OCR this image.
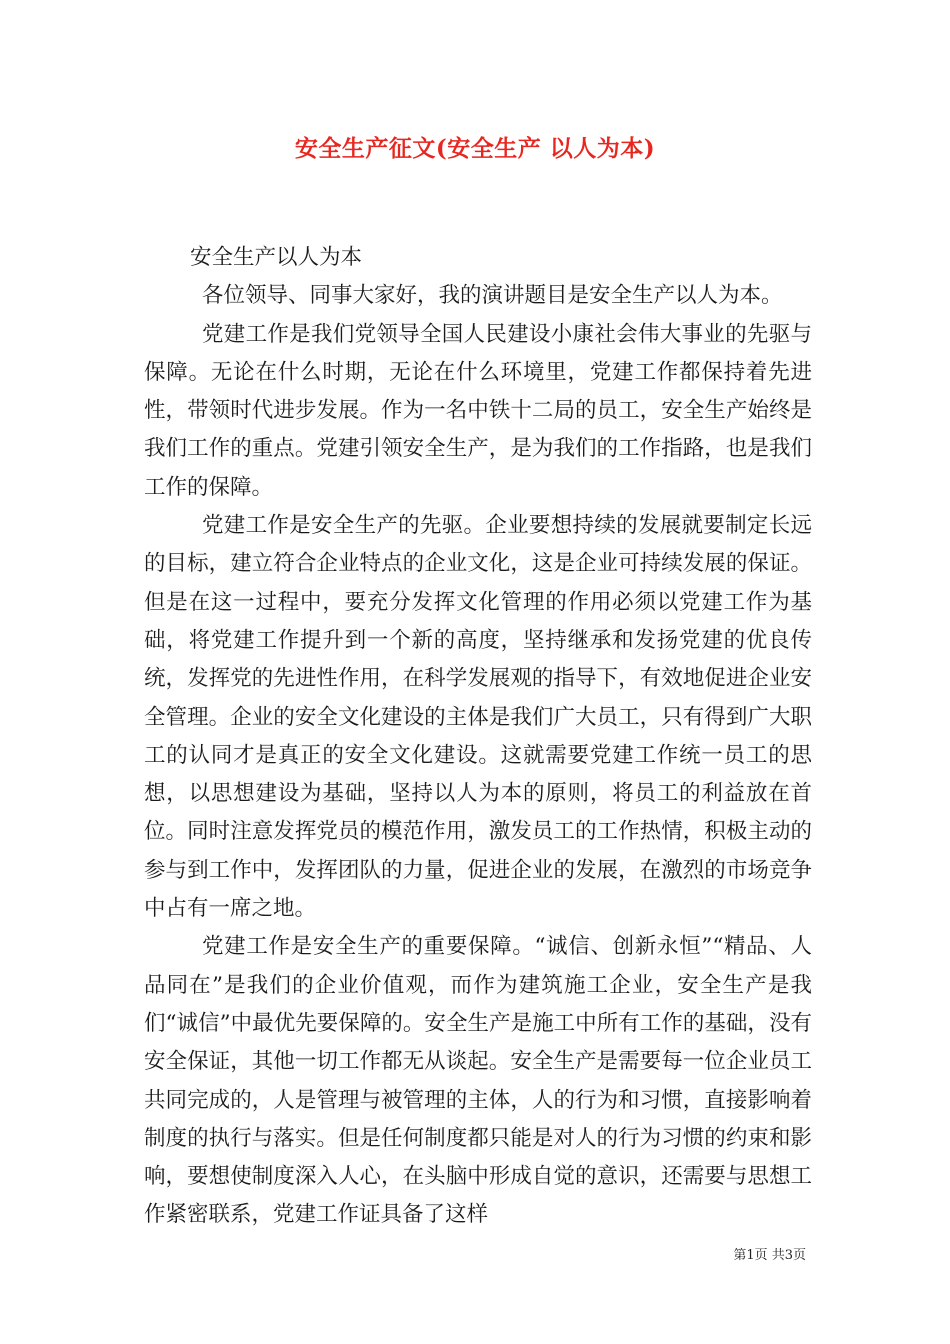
安全生产征文(安全生产 以人为本)

安全生产以人为本

各位领导、同事大家好，我的演讲题目是安全生产以人为本。

党建工作是我们党领导全国人民建设小康社会伟大事业的先驱与保障。无论在什么时期，无论在什么环境里，党建工作都保持着先进性，带领时代进步发展。作为一名中铁十二局的员工，安全生产始终是我们工作的重点。党建引领安全生产，是为我们的工作指路，也是我们工作的保障。

党建工作是安全生产的先驱。企业要想持续的发展就要制定长远的目标，建立符合企业特点的企业文化，这是企业可持续发展的保证。但是在这一过程中，要充分发挥文化管理的作用必须以党建工作为基础，将党建工作提升到一个新的高度，坚持继承和发扬党建的优良传统，发挥党的先进性作用，在科学发展观的指导下，有效地促进企业安全管理。企业的安全文化建设的主体是我们广大员工，只有得到广大职工的认同才是真正的安全文化建设。这就需要党建工作统一员工的思想，以思想建设为基础，坚持以人为本的原则，将员工的利益放在首位。同时注意发挥党员的模范作用，激发员工的工作热情，积极主动的参与到工作中，发挥团队的力量，促进企业的发展，在激烈的市场竞争中占有一席之地。

党建工作是安全生产的重要保障。“诚信、创新永恒”“精品、人品同在”是我们的企业价值观，而作为建筑施工企业，安全生产是我们“诚信”中最优先要保障的。安全生产是施工中所有工作的基础，没有安全保证，其他一切工作都无从谈起。安全生产是需要每一位企业员工共同完成的，人是管理与被管理的主体，人的行为和习惯，直接影响着制度的执行与落实。但是任何制度都只能是对人的行为习惯的约束和影响，要想使制度深入人心，在头脑中形成自觉的意识，还需要与思想工作紧密联系，党建工作证具备了这样

第1页 共3页
